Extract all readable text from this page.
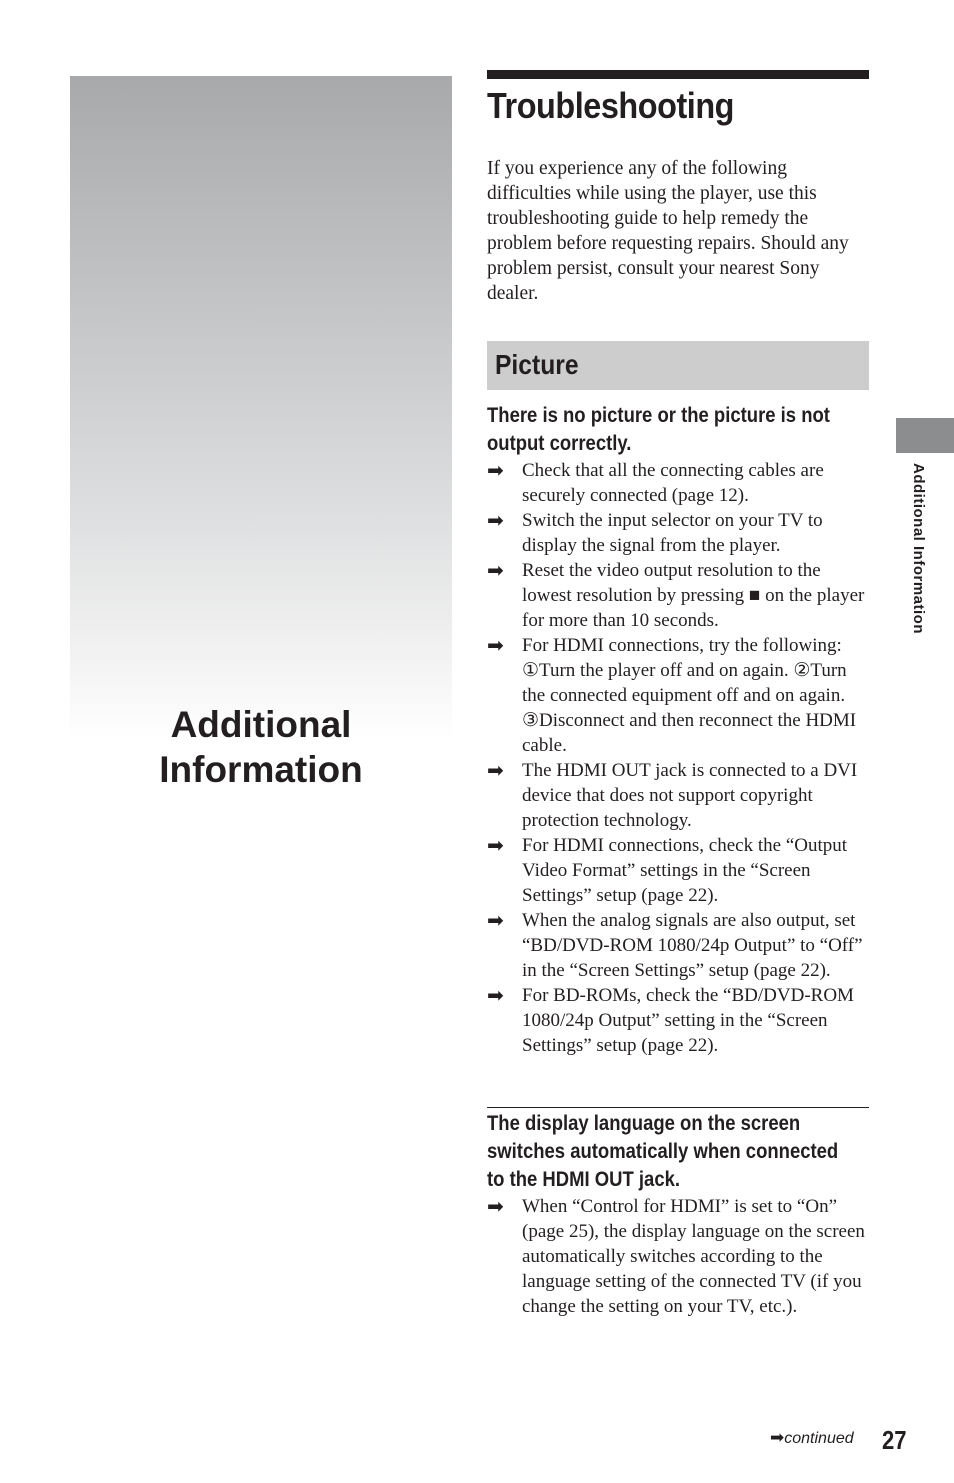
Additional
Information
Troubleshooting

If you experience any of the following difficulties while using the player, use this troubleshooting guide to help remedy the problem before requesting repairs. Should any problem persist, consult your nearest Sony dealer.

Picture
There is no picture or the picture is not output correctly.
➡ Check that all the connecting cables are securely connected (page 12).
➡ Switch the input selector on your TV to display the signal from the player.
➡ Reset the video output resolution to the lowest resolution by pressing ■ on the player for more than 10 seconds.
➡ For HDMI connections, try the following: ①Turn the player off and on again. ②Turn the connected equipment off and on again. ③Disconnect and then reconnect the HDMI cable.
➡ The HDMI OUT jack is connected to a DVI device that does not support copyright protection technology.
➡ For HDMI connections, check the “Output Video Format” settings in the “Screen Settings” setup (page 22).
➡ When the analog signals are also output, set “BD/DVD-ROM 1080/24p Output” to “Off” in the “Screen Settings” setup (page 22).
➡ For BD-ROMs, check the “BD/DVD-ROM 1080/24p Output” setting in the “Screen Settings” setup (page 22).
The display language on the screen switches automatically when connected to the HDMI OUT jack.
➡ When “Control for HDMI” is set to “On” (page 25), the display language on the screen automatically switches according to the language setting of the connected TV (if you change the setting on your TV, etc.).
Additional Information
➡continued 27
